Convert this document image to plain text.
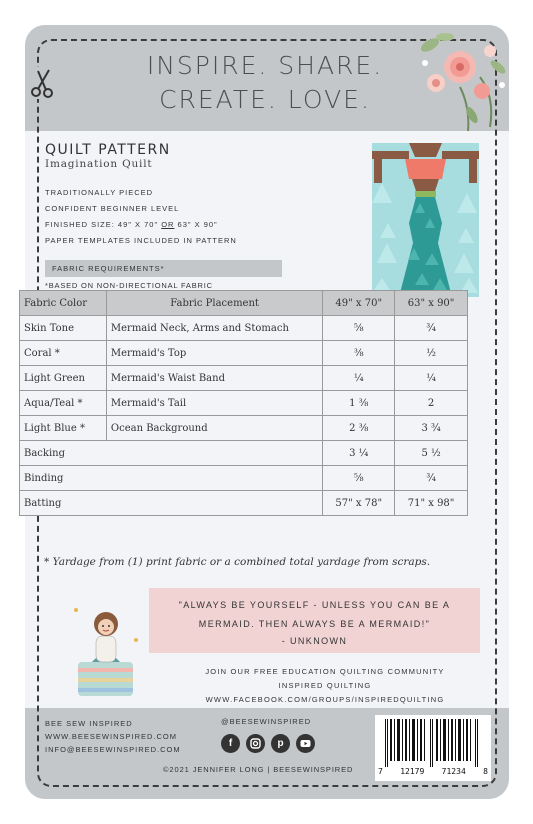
INSPIRE. SHARE.
CREATE. LOVE.
QUILT PATTERN
Imagination Quilt
TRADITIONALLY PIECED
CONFIDENT BEGINNER LEVEL
FINISHED SIZE: 49" X 70" OR 63" X 90"
PAPER TEMPLATES INCLUDED IN PATTERN
FABRIC REQUIREMENTS*
*BASED ON NON-DIRECTIONAL FABRIC
* Yardage from (1) print fabric or a combined total yardage from scraps.
"ALWAYS BE YOURSELF - UNLESS YOU CAN BE A
MERMAID. THEN ALWAYS BE A MERMAID!"
- UNKNOWN
JOIN OUR FREE EDUCATION QUILTING COMMUNITY
INSPIRED QUILTING
WWW.FACEBOOK.COM/GROUPS/INSPIREDQUILTING
BEE SEW INSPIRED
WWW.BEESEWINSPIRED.COM
INFO@BEESEWINSPIRED.COM
@BEESEWINSPIRED
f	p
©2021 JENNIFER LONG | BEESEWINSPIRED	7 12179 71234 8
Fabric Color	Fabric Placement	49" x 70"	63" x 90"
Skin Tone	Mermaid Neck, Arms and Stomach	⅝	¾
Coral *	Mermaid's Top	⅜	½
Light Green	Mermaid's Waist Band	¼	¼
Aqua/Teal *	Mermaid's Tail	1 ⅜	2
Light Blue *	Ocean Background	2 ⅜	3 ¾
Backing		3 ¼	5 ½
Binding		⅝	¾
Batting		57" x 78"	71" x 98"
